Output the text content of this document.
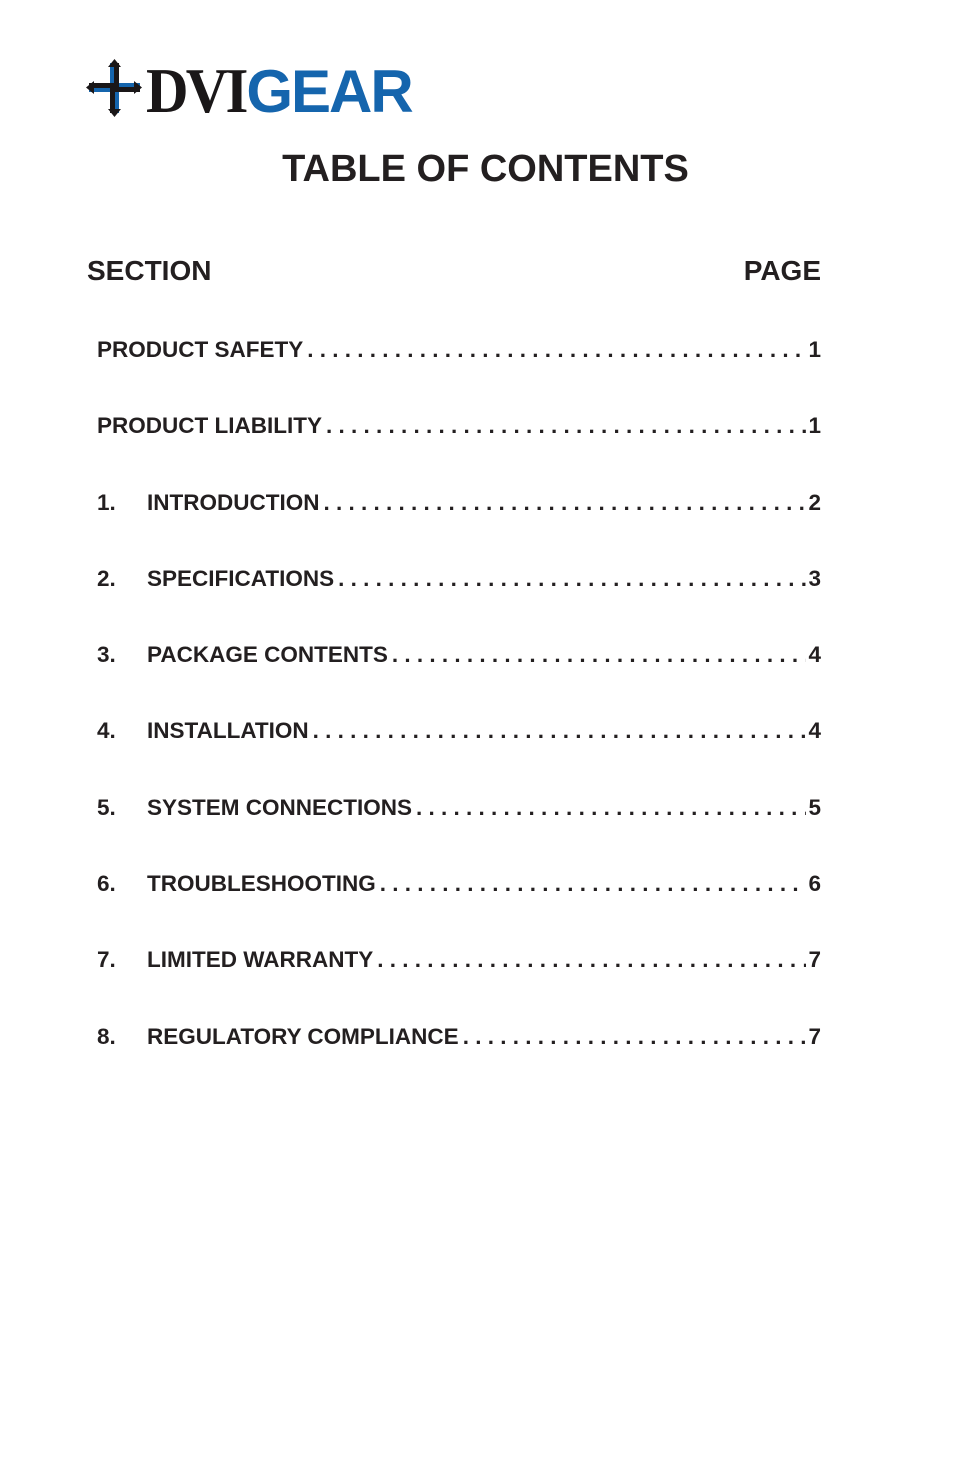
DVI GEAR
TABLE OF CONTENTS
SECTION	PAGE
PRODUCT SAFETY . . .	1
PRODUCT LIABILITY . . .	1
1.	INTRODUCTION . . .	2
2.	SPECIFICATIONS . . .	3
3.	PACKAGE CONTENTS . . .	4
4.	INSTALLATION . . .	4
5.	SYSTEM CONNECTIONS . . .	5
6.	TROUBLESHOOTING . . .	6
7.	LIMITED WARRANTY . . .	7
8.	REGULATORY COMPLIANCE . . .	7
